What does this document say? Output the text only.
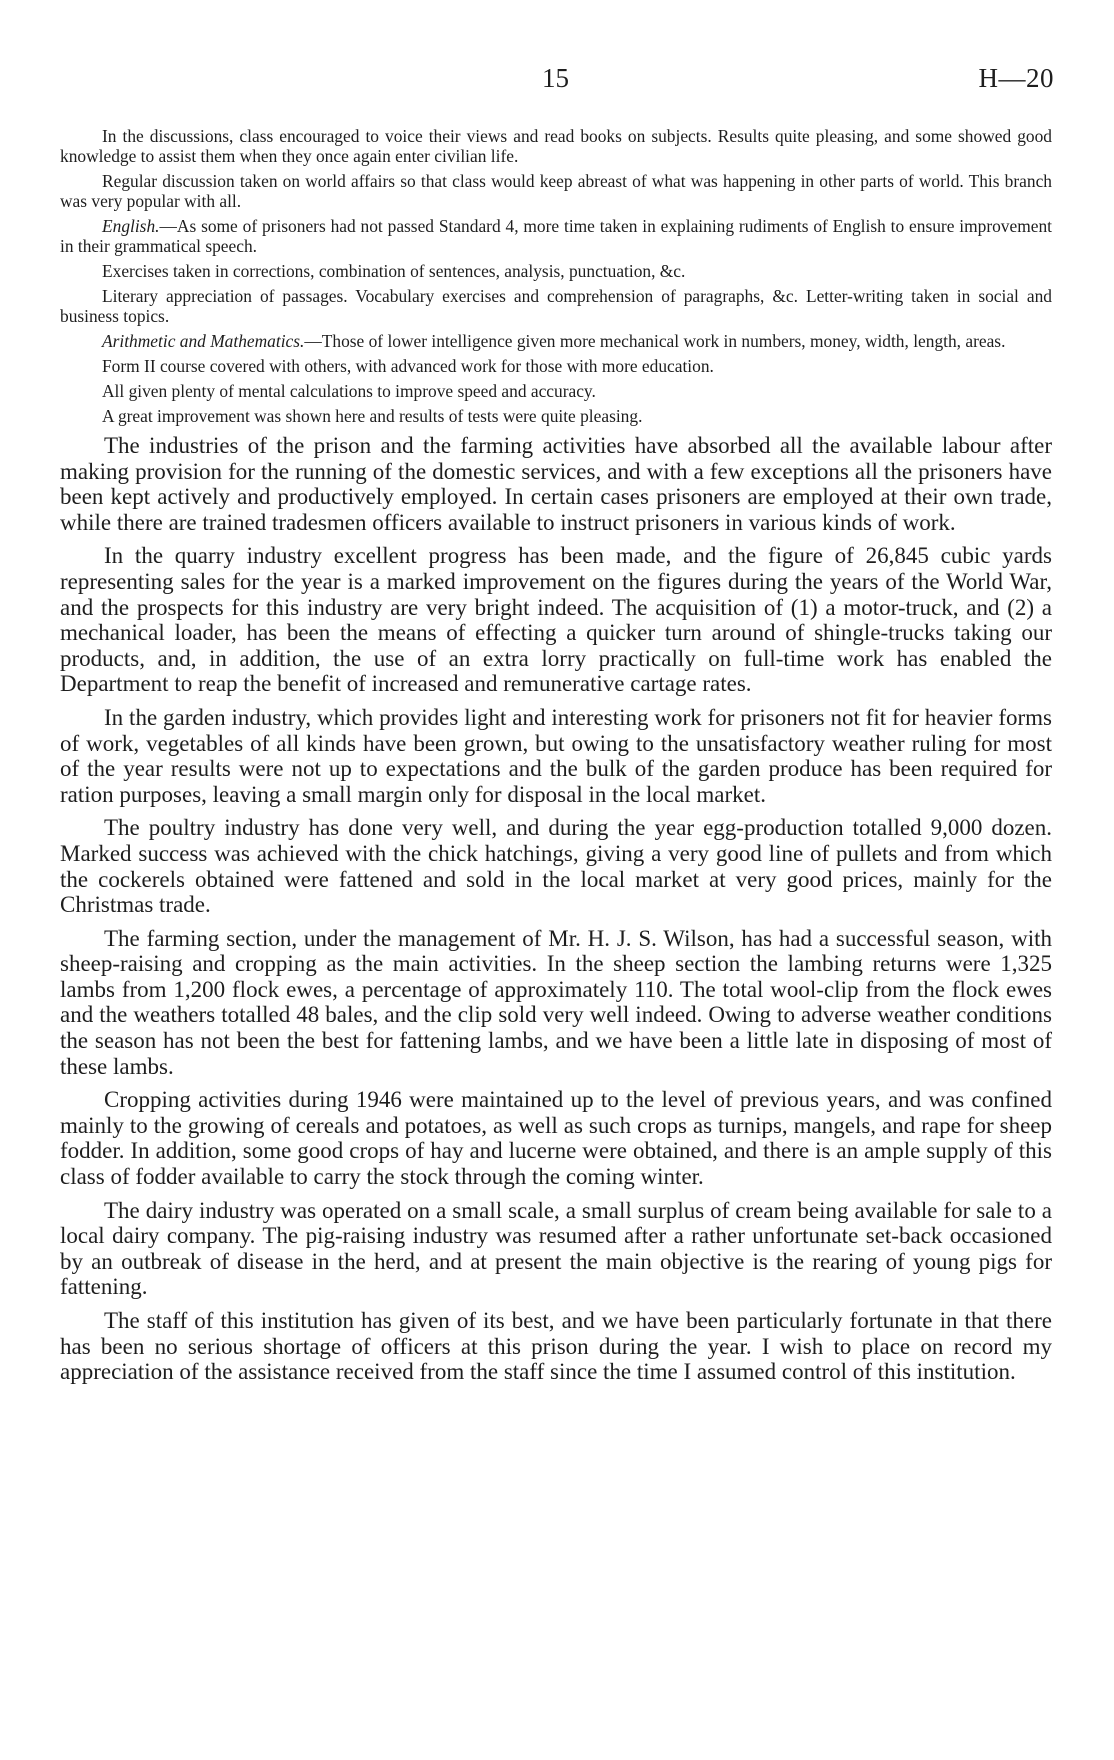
15	H—20

In the discussions, class encouraged to voice their views and read books on subjects. Results quite pleasing, and some showed good knowledge to assist them when they once again enter civilian life.

Regular discussion taken on world affairs so that class would keep abreast of what was happening in other parts of world. This branch was very popular with all.

English.—As some of prisoners had not passed Standard 4, more time taken in explaining rudiments of English to ensure improvement in their grammatical speech.

Exercises taken in corrections, combination of sentences, analysis, punctuation, &c.

Literary appreciation of passages. Vocabulary exercises and comprehension of paragraphs, &c. Letter-writing taken in social and business topics.

Arithmetic and Mathematics.—Those of lower intelligence given more mechanical work in numbers, money, width, length, areas.

Form II course covered with others, with advanced work for those with more education.

All given plenty of mental calculations to improve speed and accuracy.

A great improvement was shown here and results of tests were quite pleasing.

The industries of the prison and the farming activities have absorbed all the available labour after making provision for the running of the domestic services, and with a few exceptions all the prisoners have been kept actively and productively employed. In certain cases prisoners are employed at their own trade, while there are trained tradesmen officers available to instruct prisoners in various kinds of work.

In the quarry industry excellent progress has been made, and the figure of 26,845 cubic yards representing sales for the year is a marked improvement on the figures during the years of the World War, and the prospects for this industry are very bright indeed. The acquisition of (1) a motor-truck, and (2) a mechanical loader, has been the means of effecting a quicker turn around of shingle-trucks taking our products, and, in addition, the use of an extra lorry practically on full-time work has enabled the Department to reap the benefit of increased and remunerative cartage rates.

In the garden industry, which provides light and interesting work for prisoners not fit for heavier forms of work, vegetables of all kinds have been grown, but owing to the unsatisfactory weather ruling for most of the year results were not up to expectations and the bulk of the garden produce has been required for ration purposes, leaving a small margin only for disposal in the local market.

The poultry industry has done very well, and during the year egg-production totalled 9,000 dozen. Marked success was achieved with the chick hatchings, giving a very good line of pullets and from which the cockerels obtained were fattened and sold in the local market at very good prices, mainly for the Christmas trade.

The farming section, under the management of Mr. H. J. S. Wilson, has had a successful season, with sheep-raising and cropping as the main activities. In the sheep section the lambing returns were 1,325 lambs from 1,200 flock ewes, a percentage of approximately 110. The total wool-clip from the flock ewes and the weathers totalled 48 bales, and the clip sold very well indeed. Owing to adverse weather conditions the season has not been the best for fattening lambs, and we have been a little late in disposing of most of these lambs.

Cropping activities during 1946 were maintained up to the level of previous years, and was confined mainly to the growing of cereals and potatoes, as well as such crops as turnips, mangels, and rape for sheep fodder. In addition, some good crops of hay and lucerne were obtained, and there is an ample supply of this class of fodder available to carry the stock through the coming winter.

The dairy industry was operated on a small scale, a small surplus of cream being available for sale to a local dairy company. The pig-raising industry was resumed after a rather unfortunate set-back occasioned by an outbreak of disease in the herd, and at present the main objective is the rearing of young pigs for fattening.

The staff of this institution has given of its best, and we have been particularly fortunate in that there has been no serious shortage of officers at this prison during the year. I wish to place on record my appreciation of the assistance received from the staff since the time I assumed control of this institution.
